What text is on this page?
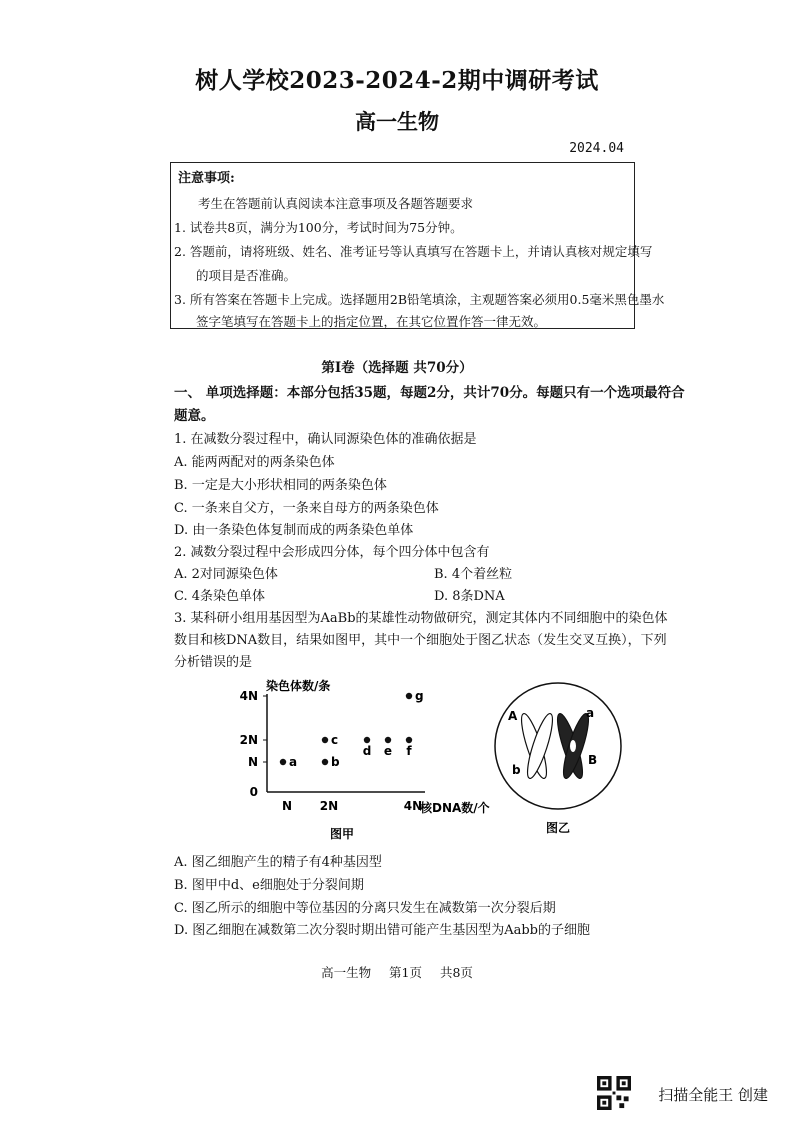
树人学校2023-2024-2期中调研考试
高一生物
2024.04
注意事项:
考生在答题前认真阅读本注意事项及各题答题要求
1. 试卷共8页，满分为100分，考试时间为75分钟。
2. 答题前，请将班级、姓名、准考证号等认真填写在答题卡上，并请认真核对规定填写
的项目是否准确。
3. 所有答案在答题卡上完成。选择题用2B铅笔填涂，主观题答案必须用0.5毫米黑色墨水
签字笔填写在答题卡上的指定位置，在其它位置作答一律无效。
第Ⅰ卷（选择题 共70分）
一、 单项选择题：本部分包括35题，每题2分，共计70分。每题只有一个选项最符合
题意。
1. 在减数分裂过程中，确认同源染色体的准确依据是
A. 能两两配对的两条染色体
B. 一定是大小形状相同的两条染色体
C. 一条来自父方，一条来自母方的两条染色体
D. 由一条染色体复制而成的两条染色单体
2. 减数分裂过程中会形成四分体，每个四分体中包含有
A. 2对同源染色体	B. 4个着丝粒
C. 4条染色单体	D. 8条DNA
3. 某科研小组用基因型为AaBb的某雄性动物做研究，测定其体内不同细胞中的染色体
数目和核DNA数目，结果如图甲，其中一个细胞处于图乙状态（发生交叉互换），下列
分析错误的是
染色体数/条
4N
2N
N
0
N 2N	4N
a	b
c
d e f
g
核DNA数/个
图甲
A	a
b
B
图乙
A. 图乙细胞产生的精子有4种基因型
B. 图甲中d、e细胞处于分裂间期
C. 图乙所示的细胞中等位基因的分离只发生在减数第一次分裂后期
D. 图乙细胞在减数第二次分裂时期出错可能产生基因型为Aabb的子细胞
高一生物 第1页 共8页
扫描全能王 创建
